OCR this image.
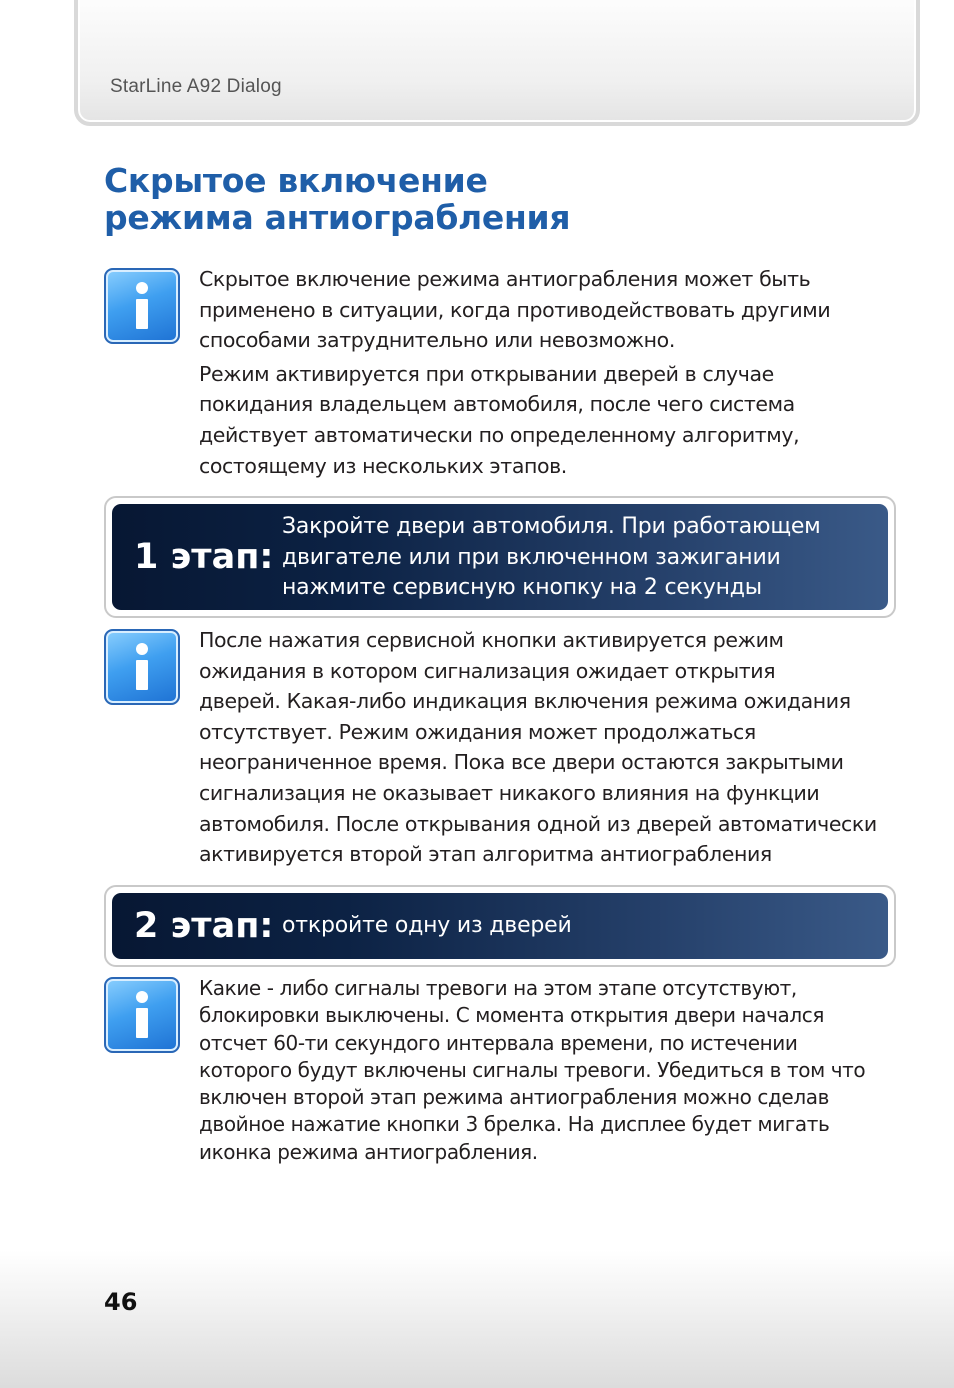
StarLine A92 Dialog
Скрытое включение
режима антиограбления
Скрытое включение режима антиограбления может быть
применено в ситуации, когда противодействовать другими
способами затруднительно или невозможно.
Режим активируется при открывании дверей в случае
покидания владельцем автомобиля, после чего система
действует автоматически по определенному алгоритму,
состоящему из нескольких этапов.
1 этап:
Закройте двери автомобиля. При работающем
двигателе или при включенном зажигании
нажмите сервисную кнопку на 2 секунды
После нажатия сервисной кнопки активируется режим
ожидания в котором сигнализация ожидает открытия
дверей. Какая-либо индикация включения режима ожидания
отсутствует. Режим ожидания может продолжаться
неограниченное время. Пока все двери остаются закрытыми
сигнализация не оказывает никакого влияния на функции
автомобиля. После открывания одной из дверей автоматически
активируется второй этап алгоритма антиограбления
2 этап: откройте одну из дверей
Какие - либо сигналы тревоги на этом этапе отсутствуют,
блокировки выключены. С момента открытия двери начался
отсчет 60-ти секундого интервала времени, по истечении
которого будут включены сигналы тревоги. Убедиться в том что
включен второй этап режима антиограбления можно сделав
двойное нажатие кнопки 3 брелка. На дисплее будет мигать
иконка режима антиограбления.
46
